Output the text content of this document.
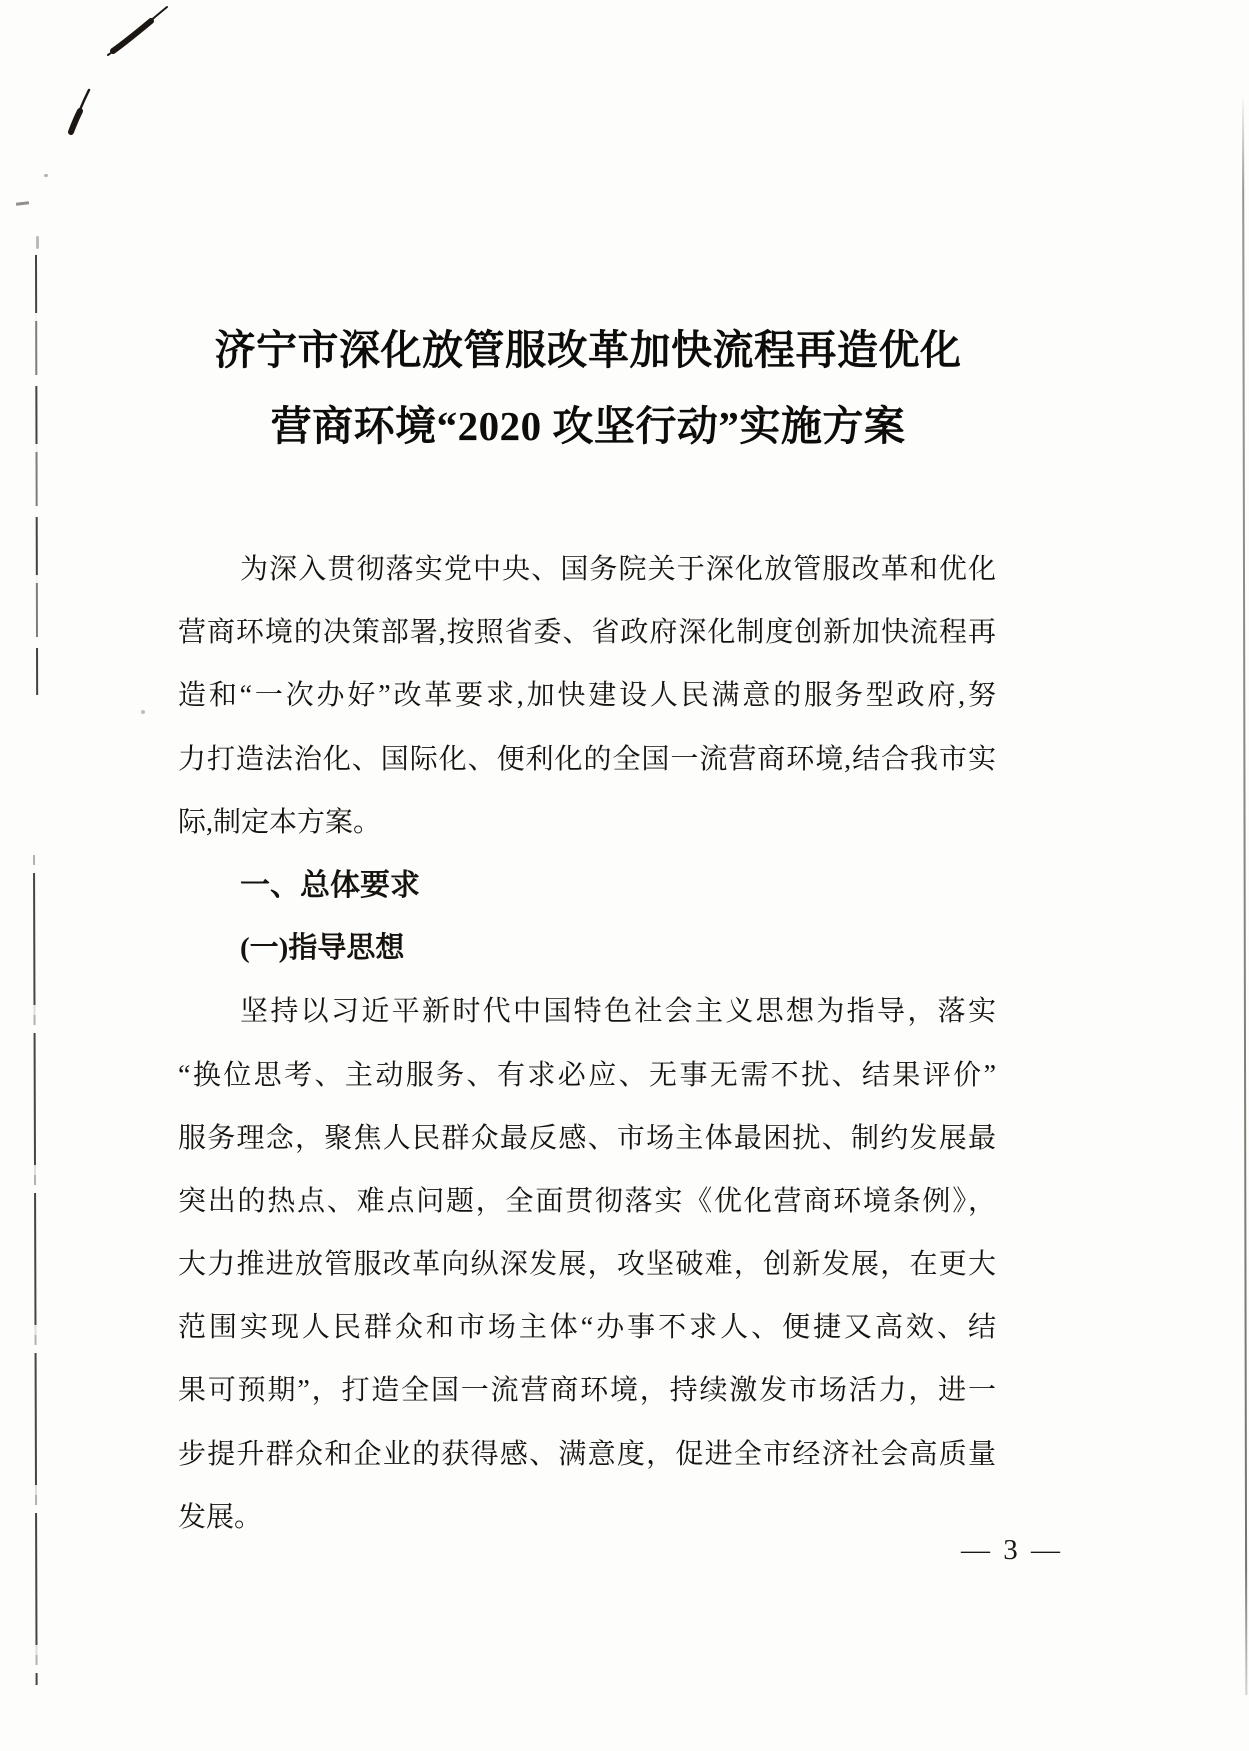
济宁市深化放管服改革加快流程再造优化
营商环境“2020 攻坚行动”实施方案
为深入贯彻落实党中央、国务院关于深化放管服改革和优化
营商环境的决策部署,按照省委、省政府深化制度创新加快流程再
造和“一次办好”改革要求,加快建设人民满意的服务型政府,努
力打造法治化、国际化、便利化的全国一流营商环境,结合我市实
际,制定本方案。
一、总体要求
(一)指导思想
坚持以习近平新时代中国特色社会主义思想为指导，落实
“换位思考、主动服务、有求必应、无事无需不扰、结果评价”
服务理念，聚焦人民群众最反感、市场主体最困扰、制约发展最
突出的热点、难点问题，全面贯彻落实《优化营商环境条例》，
大力推进放管服改革向纵深发展，攻坚破难，创新发展，在更大
范围实现人民群众和市场主体“办事不求人、便捷又高效、结
果可预期”，打造全国一流营商环境，持续激发市场活力，进一
步提升群众和企业的获得感、满意度，促进全市经济社会高质量
发展。
— 3 —
